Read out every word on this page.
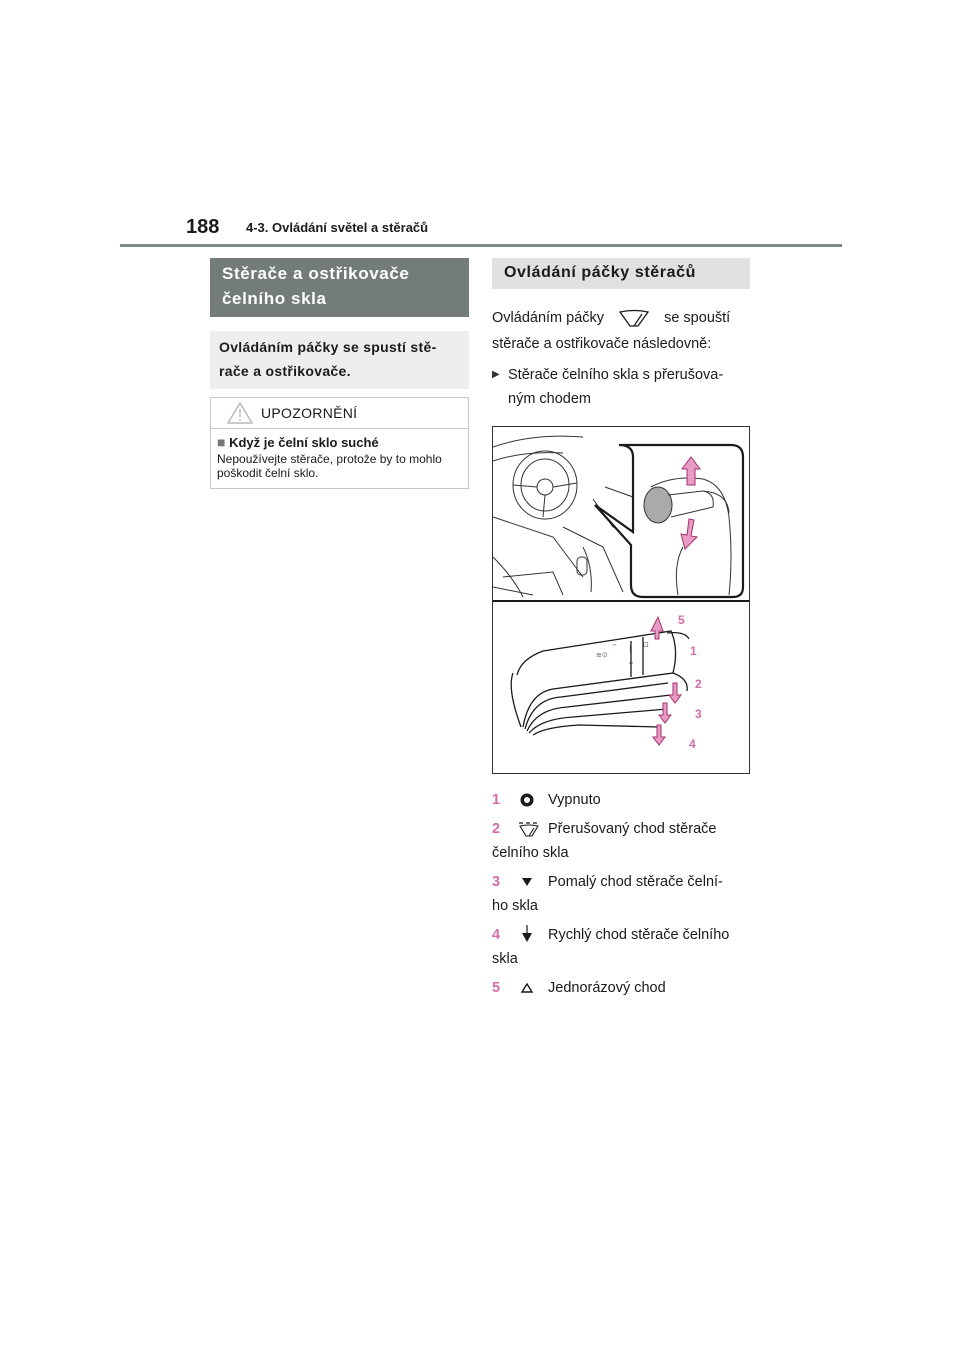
188 4-3. Ovládání světel a stěračů
Stěrače a ostřikovače čelního skla
Ovládáním páčky se spustí stě-rače a ostřikovače.
UPOZORNĚNÍ
■ Když je čelní sklo suché
Nepoužívejte stěrače, protože by to mohlo poškodit čelní sklo.
Ovládání páčky stěračů
Ovládáním páčky	se spouští stěrače a ostřikovače následovně:
▶ Stěrače čelního skla s přerušova-ným chodem
≡⊙
⌔ | ⊡
5
1
2
3
4
1	Vypnuto
2	Přerušovaný chod stěrače
čelního skla
3	Pomalý chod stěrače čelní-
ho skla
4	Rychlý chod stěrače čelního
skla
5	Jednorázový chod
